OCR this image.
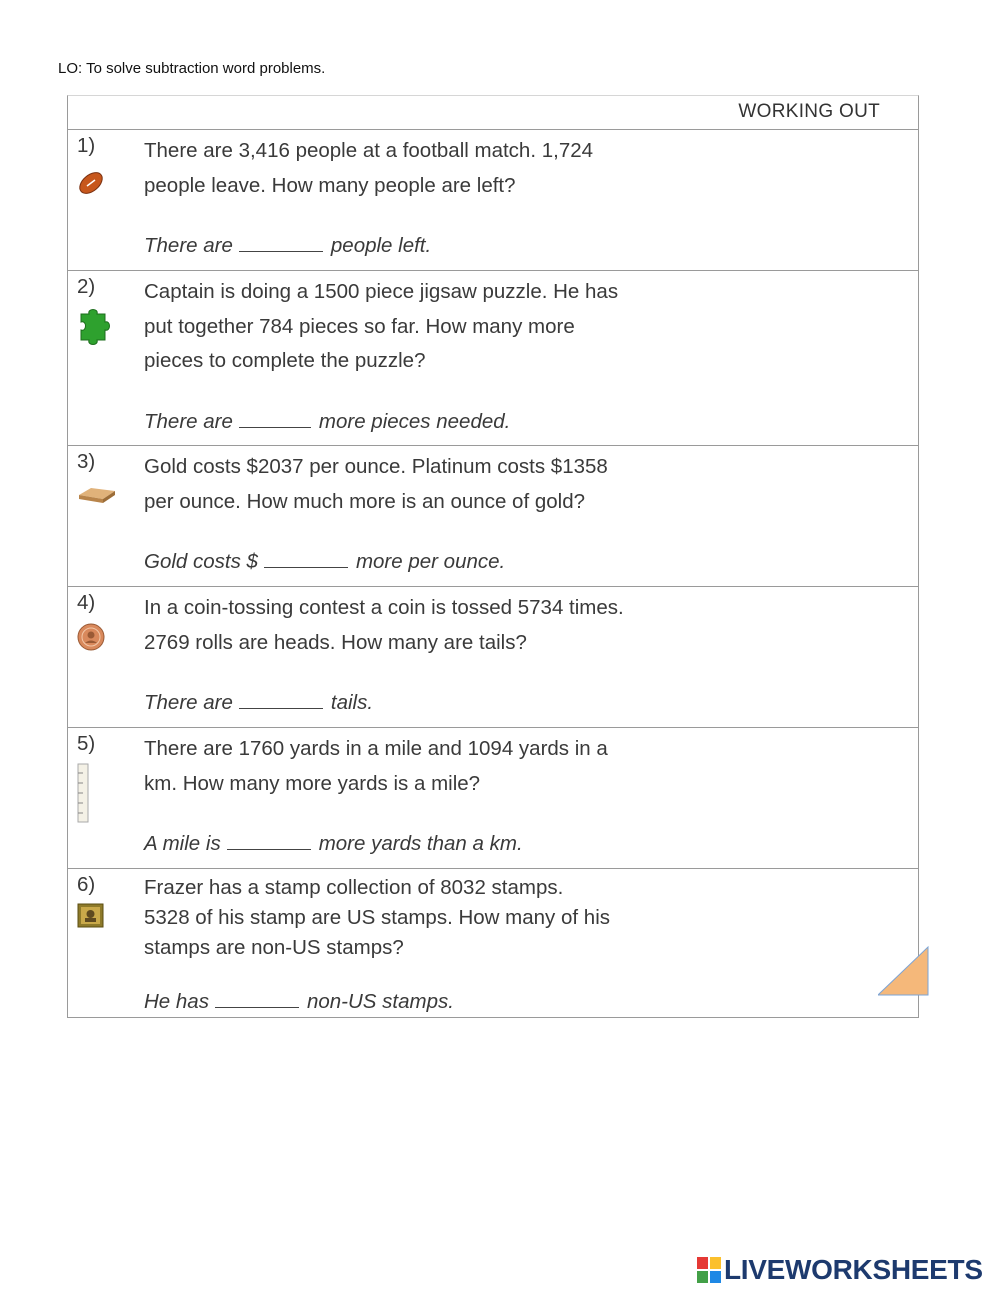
LO: To solve subtraction word problems.
WORKING OUT
1) There are 3,416 people at a football match. 1,724
people leave. How many people are left?
There are	people left.
2) Captain is doing a 1500 piece jigsaw puzzle. He has
put together 784 pieces so far. How many more
pieces to complete the puzzle?
There are	more pieces needed.
3) Gold costs $2037 per ounce. Platinum costs $1358
per ounce. How much more is an ounce of gold?
Gold costs $	more per ounce.
4) In a coin-tossing contest a coin is tossed 5734 times.
2769 rolls are heads. How many are tails?
There are	tails.
5) There are 1760 yards in a mile and 1094 yards in a
km. How many more yards is a mile?
A mile is	more yards than a km.
6) Frazer has a stamp collection of 8032 stamps.
5328 of his stamp are US stamps. How many of his
stamps are non-US stamps?
He has	non-US stamps.
LIVEWORKSHEETS
